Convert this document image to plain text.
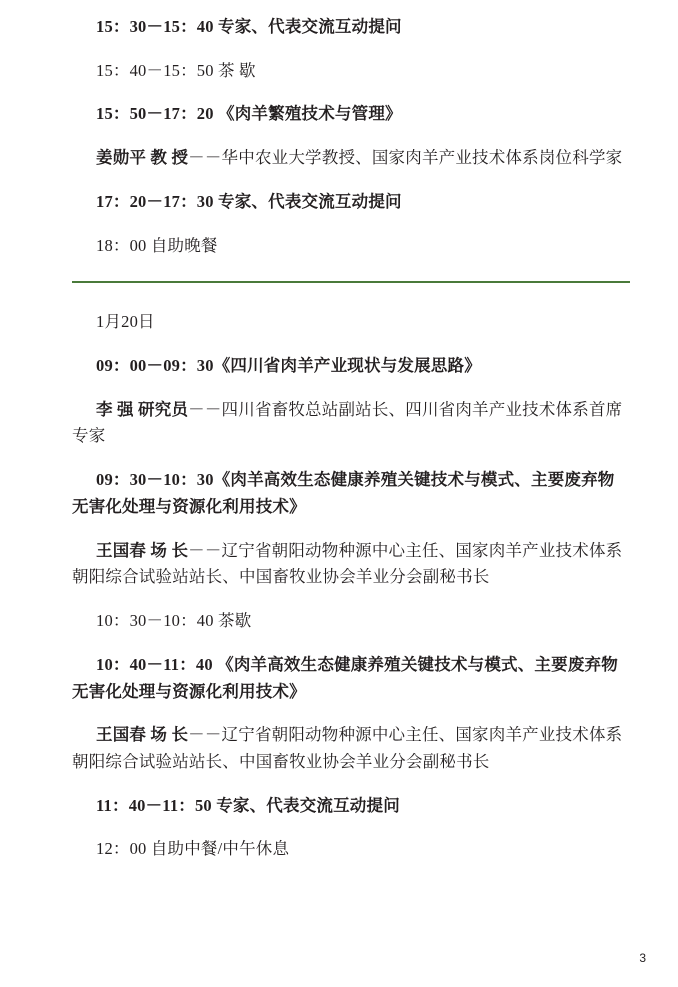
15：30－15：40 专家、代表交流互动提问

15：40－15：50 茶 歇

15：50－17：20 《肉羊繁殖技术与管理》

姜勋平 教 授－－华中农业大学教授、国家肉羊产业技术体系岗位科学家

17：20－17：30 专家、代表交流互动提问

18：00 自助晚餐

1月20日

09：00－09：30《四川省肉羊产业现状与发展思路》

李 强 研究员－－四川省畜牧总站副站长、四川省肉羊产业技术体系首席专家

09：30－10：30《肉羊高效生态健康养殖关键技术与模式、主要废弃物无害化处理与资源化利用技术》

王国春 场 长－－辽宁省朝阳动物种源中心主任、国家肉羊产业技术体系朝阳综合试验站站长、中国畜牧业协会羊业分会副秘书长

10：30－10：40 茶歇

10：40－11：40 《肉羊高效生态健康养殖关键技术与模式、主要废弃物无害化处理与资源化利用技术》

王国春 场 长－－辽宁省朝阳动物种源中心主任、国家肉羊产业技术体系朝阳综合试验站站长、中国畜牧业协会羊业分会副秘书长

11：40－11：50 专家、代表交流互动提问

12：00 自助中餐/中午休息

3
